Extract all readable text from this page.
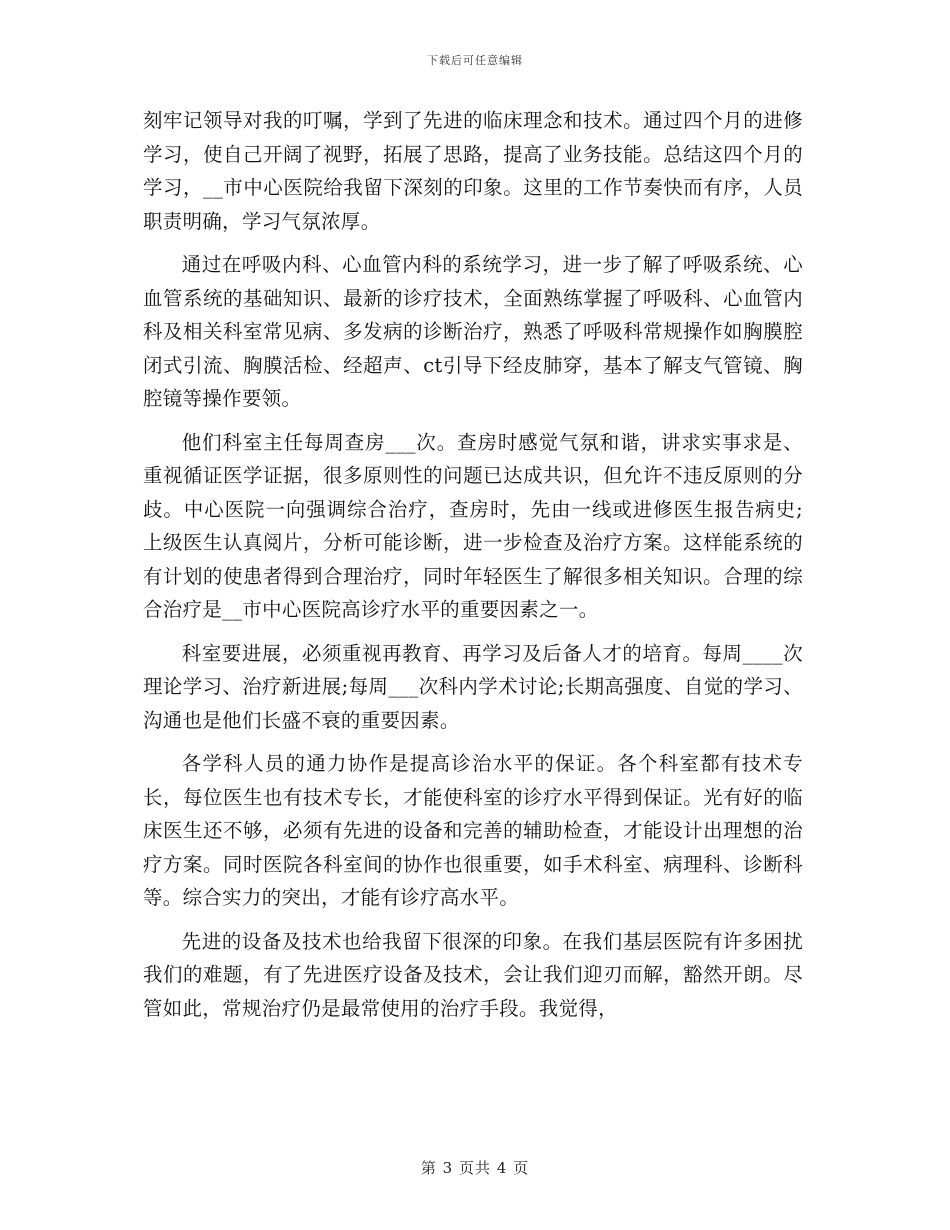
下载后可任意编辑

刻牢记领导对我的叮嘱，学到了先进的临床理念和技术。通过四个月的进修学习，使自己开阔了视野，拓展了思路，提高了业务技能。总结这四个月的学习，__市中心医院给我留下深刻的印象。这里的工作节奏快而有序，人员职责明确，学习气氛浓厚。

通过在呼吸内科、心血管内科的系统学习，进一步了解了呼吸系统、心血管系统的基础知识、最新的诊疗技术，全面熟练掌握了呼吸科、心血管内科及相关科室常见病、多发病的诊断治疗，熟悉了呼吸科常规操作如胸膜腔闭式引流、胸膜活检、经超声、ct引导下经皮肺穿，基本了解支气管镜、胸腔镜等操作要领。

他们科室主任每周查房___次。查房时感觉气氛和谐，讲求实事求是、重视循证医学证据，很多原则性的问题已达成共识，但允许不违反原则的分歧。中心医院一向强调综合治疗，查房时，先由一线或进修医生报告病史;上级医生认真阅片，分析可能诊断，进一步检查及治疗方案。这样能系统的有计划的使患者得到合理治疗，同时年轻医生了解很多相关知识。合理的综合治疗是__市中心医院高诊疗水平的重要因素之一。

科室要进展，必须重视再教育、再学习及后备人才的培育。每周____次理论学习、治疗新进展;每周___次科内学术讨论;长期高强度、自觉的学习、沟通也是他们长盛不衰的重要因素。

各学科人员的通力协作是提高诊治水平的保证。各个科室都有技术专长，每位医生也有技术专长，才能使科室的诊疗水平得到保证。光有好的临床医生还不够，必须有先进的设备和完善的辅助检查，才能设计出理想的治疗方案。同时医院各科室间的协作也很重要，如手术科室、病理科、诊断科等。综合实力的突出，才能有诊疗高水平。

先进的设备及技术也给我留下很深的印象。在我们基层医院有许多困扰我们的难题，有了先进医疗设备及技术，会让我们迎刃而解，豁然开朗。尽管如此，常规治疗仍是最常使用的治疗手段。我觉得，

第 3 页共 4 页
